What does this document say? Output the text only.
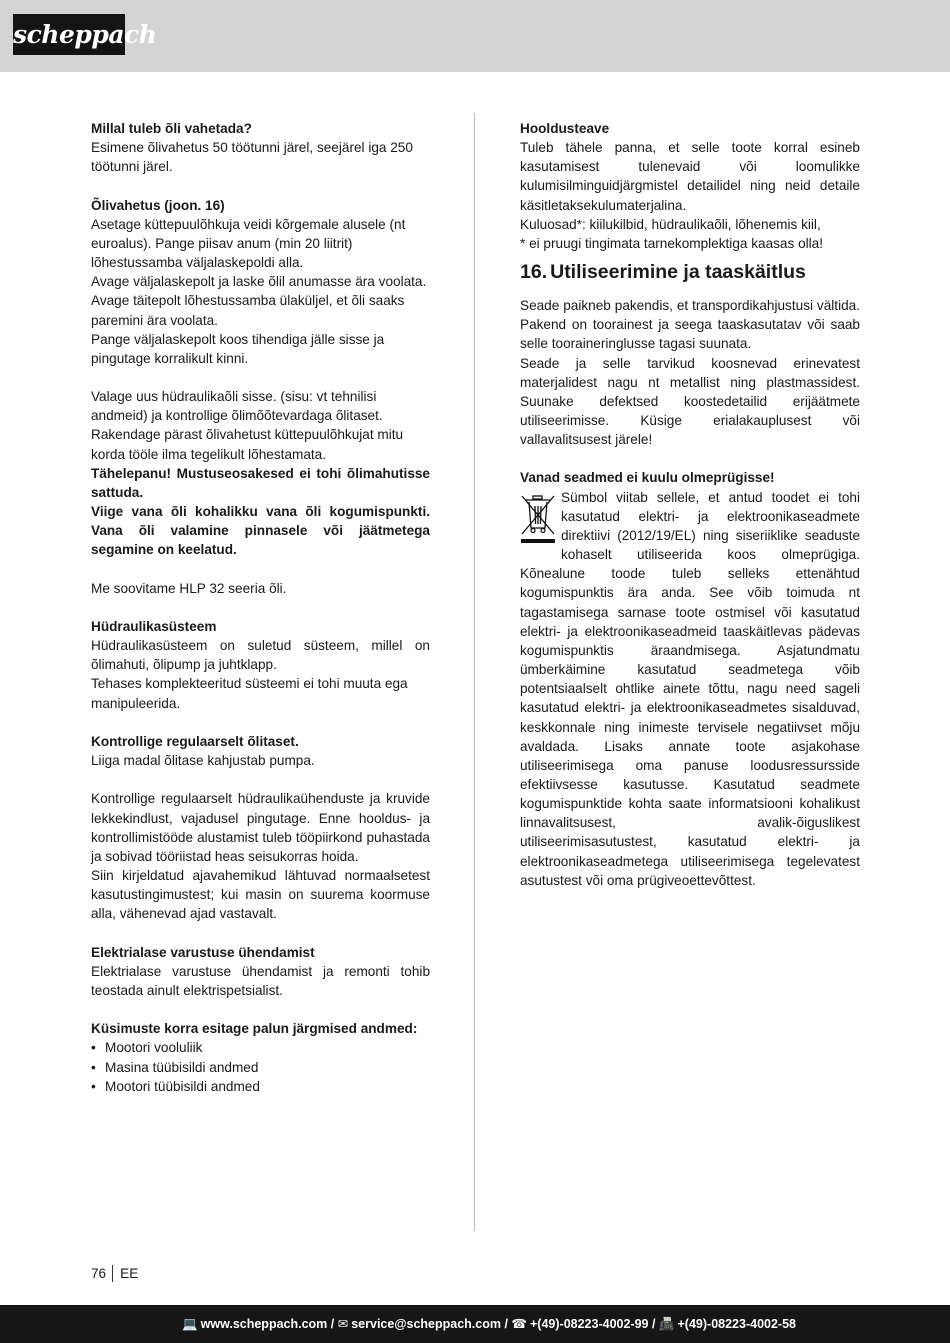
scheppach

Millal tuleb õli vahetada?

Esimene õlivahetus 50 töötunni järel, seejärel iga 250 töötunni järel.

Õlivahetus (joon. 16)

Asetage küttepuulõhkuja veidi kõrgemale alusele (nt euroalus). Pange piisav anum (min 20 liitrit) lõhestussamba väljalaskepoldi alla.

Avage väljalaskepolt ja laske õlil anumasse ära voolata.

Avage täitepolt lõhestussamba ülaküljel, et õli saaks paremini ära voolata.

Pange väljalaskepolt koos tihendiga jälle sisse ja pingutage korralikult kinni.

Valage uus hüdraulikaõli sisse. (sisu: vt tehnilisi andmeid) ja kontrollige õlimõõtevardaga õlitaset.

Rakendage pärast õlivahetust küttepuulõhkujat mitu korda tööle ilma tegelikult lõhestamata.

Tähelepanu! Mustuseosakesed ei tohi õlimahutisse sattuda.

Viige vana õli kohalikku vana õli kogumispunkti. Vana õli valamine pinnasele või jäätmetega segamine on keelatud.

Me soovitame HLP 32 seeria õli.

Hüdraulikasüsteem

Hüdraulikasüsteem on suletud süsteem, millel on õlimahuti, õlipump ja juhtklapp.

Tehases komplekteeritud süsteemi ei tohi muuta ega manipuleerida.

Kontrollige regulaarselt õlitaset.

Liiga madal õlitase kahjustab pumpa.

Kontrollige regulaarselt hüdraulikaühenduste ja kruvide lekkekindlust, vajadusel pingutage. Enne hooldus- ja kontrollimistööde alustamist tuleb tööpiirkond puhastada ja sobivad tööriistad heas seisukorras hoida.

Siin kirjeldatud ajavahemikud lähtuvad normaalsetest kasutustingimustest; kui masin on suurema koormuse alla, vähenevad ajad vastavalt.

Elektrialase varustuse ühendamist

Elektrialase varustuse ühendamist ja remonti tohib teostada ainult elektrispetsialist.

Küsimuste korra esitage palun järgmised andmed:

• Mootori vooluliik
• Masina tüübisildi andmed
• Mootori tüübisildi andmed

Hooldusteave

Tuleb tähele panna, et selle toote korral esineb kasutamisest tulenevaid või loomulikke kulumisilminguidjärgmistel detailidel ning neid detaile käsitletaksekulumaterjalina.

Kuluosad*: kiilukilbid, hüdraulikaõli, lõhenemis kiil,

* ei pruugi tingimata tarnekomplektiga kaasas olla!

16. Utiliseerimine ja taaskäitlus

Seade paikneb pakendis, et transpordikahjustusi vältida. Pakend on toorainest ja seega taaskasutatav või saab selle tooraineringlusse tagasi suunata.

Seade ja selle tarvikud koosnevad erinevatest materjalidest nagu nt metallist ning plastmassidest. Suunake defektsed koostedetailid erijäätmete utiliseerimisse. Küsige erialakauplusest või vallavalitsusest järele!

Vanad seadmed ei kuulu olmeprügisse!

Sümbol viitab sellele, et antud toodet ei tohi kasutatud elektri- ja elektroonikaseadmete direktiivi (2012/19/EL) ning siseriiklike seaduste kohaselt utiliseerida koos olmeprügiga. Kõnealune toode tuleb selleks ettenähtud kogumispunktis ära anda. See võib toimuda nt tagastamisega sarnase toote ostmisel või kasutatud elektri- ja elektroonikaseadmeid taaskäitlevas pädevas kogumispunktis äraandmisega. Asjatundmatu ümberkäimine kasutatud seadmetega võib potentsiaalselt ohtlike ainete tõttu, nagu need sageli kasutatud elektri- ja elektroonikaseadmetes sisalduvad, keskkonnale ning inimeste tervisele negatiivset mõju avaldada. Lisaks annate toote asjakohase utiliseerimisega oma panuse loodusressursside efektiivsesse kasutusse. Kasutatud seadmete kogumispunktide kohta saate informatsiooni kohalikust linnavalitsusest, avalik-õiguslikest utiliseerimisasutustest, kasutatud elektri- ja elektroonikaseadmetega utiliseerimisega tegelevatest asutustest või oma prügiveoettevõttest.

76 EE
💻 www.scheppach.com / ✉ service@scheppach.com / ☎ +(49)-08223-4002-99 / 📠 +(49)-08223-4002-58
